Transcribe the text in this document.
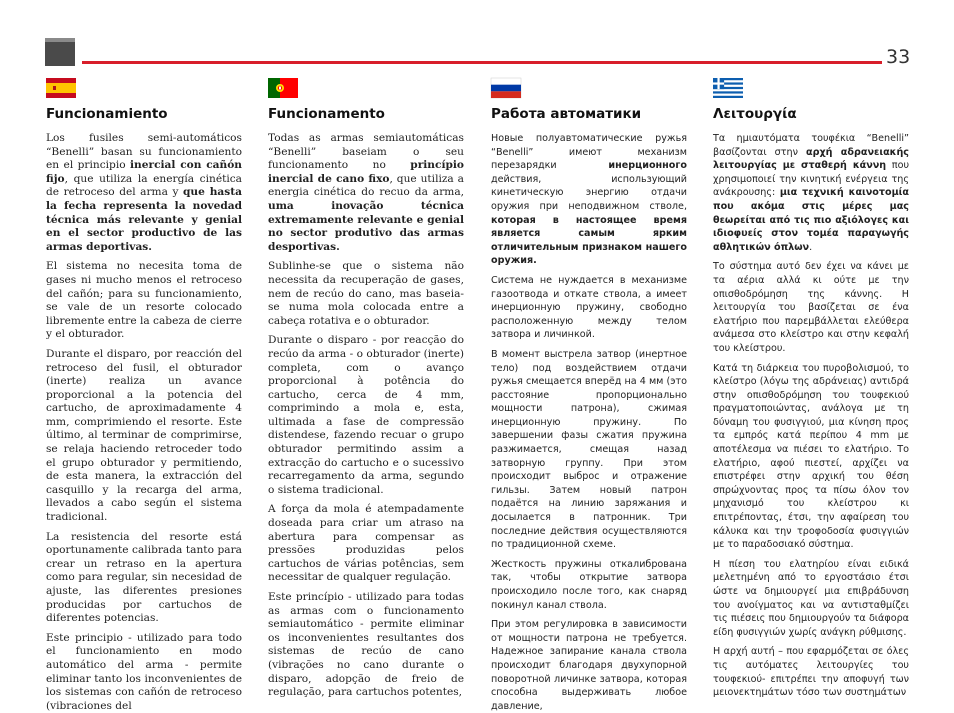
33
Funcionamiento

Los fusiles semi-automáticos “Benelli” basan su funcionamiento en el principio inercial con cañón fijo, que utiliza la energía cinética de retroceso del arma y que hasta la fecha representa la novedad técnica más relevante y genial en el sector productivo de las armas deportivas.

El sistema no necesita toma de gases ni mucho menos el retroceso del cañón; para su funcionamiento, se vale de un resorte colocado libremente entre la cabeza de cierre y el obturador.

Durante el disparo, por reacción del retroceso del fusil, el obturador (inerte) realiza un avance proporcional a la potencia del cartucho, de aproximadamente 4 mm, comprimiendo el resorte. Este último, al terminar de comprimirse, se relaja haciendo retroceder todo el grupo obturador y permitiendo, de esta manera, la extracción del casquillo y la recarga del arma, llevados a cabo según el sistema tradicional.

La resistencia del resorte está oportunamente calibrada tanto para crear un retraso en la apertura como para regular, sin necesidad de ajuste, las diferentes presiones producidas por cartuchos de diferentes potencias.

Este principio - utilizado para todo el funcionamiento en modo automático del arma - permite eliminar tanto los inconvenientes de los sistemas con cañón de retroceso (vibraciones del

Funcionamento

Todas as armas semiautomáticas “Benelli” baseiam o seu funcionamento no princípio inercial de cano fixo, que utiliza a energia cinética do recuo da arma, uma inovação técnica extremamente relevante e genial no sector produtivo das armas desportivas.

Sublinhe-se que o sistema não necessita da recuperação de gases, nem de recúo do cano, mas baseia-se numa mola colocada entre a cabeça rotativa e o obturador.

Durante o disparo - por reacção do recúo da arma - o obturador (inerte) completa, com o avanço proporcional à potência do cartucho, cerca de 4 mm, comprimindo a mola e, esta, ultimada a fase de compressão distendese, fazendo recuar o grupo obturador permitindo assim a extracção do cartucho e o sucessivo recarregamento da arma, segundo o sistema tradicional.

A força da mola é atempadamente doseada para criar um atraso na abertura para compensar as pressões produzidas pelos cartuchos de várias potências, sem necessitar de qualquer regulação.

Este princípio - utilizado para todas as armas com o funcionamento semiautomático - permite eliminar os inconvenientes resultantes dos sistemas de recúo de cano (vibrações no cano durante o disparo, adopção de freio de regulação, para cartuchos potentes,

Работа автоматики

Новые полуавтоматические ружья “Benelli” имеют механизм перезарядки инерционного действия, использующий кинетическую энергию отдачи оружия при неподвижном стволе, которая в настоящее время является самым ярким отличительным признаком нашего оружия.

Система не нуждается в механизме газоотвода и откате ствола, а имеет инерционную пружину, свободно расположенную между телом затвора и личинкой.

В момент выстрела затвор (инертное тело) под воздействием отдачи ружья смещается вперёд на 4 мм (это расстояние пропорционально мощности патрона), сжимая инерционную пружину. По завершении фазы сжатия пружина разжимается, смещая назад затворную группу. При этом происходит выброс и отражение гильзы. Затем новый патрон подаётся на линию заряжания и досылается в патронник. Три последние действия осуществляются по традиционной схеме.

Жесткость пружины откалиброванa так, чтобы открытие затвора происходило после того, как снаряд покинул канал ствола.

При этом регулировка в зависимости от мощности патрона не требуется. Надежное запирание канала ствола происходит благодаря двухупорной поворотной личинке затвора, которая способна выдерживать любое давление,

Λειτουργία

Τα ημιαυτόματα τουφέκια “Benelli” βασίζονται στην αρχή αδρανειακής λειτουργίας με σταθερή κάννη που χρησιμοποιεί την κινητική ενέργεια της ανάκρουσης: μια τεχνική καινοτομία που ακόμα στις μέρες μας θεωρείται από τις πιο αξιόλογες και ιδιοφυείς στον τομέα παραγωγής αθλητικών όπλων.

Το σύστημα αυτό δεν έχει να κάνει με τα αέρια αλλά κι ούτε με την οπισθοδρόμηση της κάννης. Η λειτουργία του βασίζεται σε ένα ελατήριο που παρεμβάλλεται ελεύθερα ανάμεσα στο κλείστρο και στην κεφαλή του κλείστρου.

Κατά τη διάρκεια του πυροβολισμού, το κλείστρο (λόγω της αδράνειας) αντιδρά στην οπισθοδρόμηση του τουφεκιού πραγματοποιώντας, ανάλογα με τη δύναμη του φυσιγγιού, μια κίνηση προς τα εμπρός κατά περίπου 4 mm με αποτέλεσμα να πιέσει το ελατήριο. Το ελατήριο, αφού πιεστεί, αρχίζει να επιστρέφει στην αρχική του θέση σπρώχνοντας προς τα πίσω όλον τον μηχανισμό του κλείστρου κι επιτρέποντας, έτσι, την αφαίρεση του κάλυκα και την τροφοδοσία φυσιγγιών με το παραδοσιακό σύστημα.

Η πίεση του ελατηρίου είναι ειδικά μελετημένη από το εργοστάσιο έτσι ώστε να δημιουργεί μια επιβράδυνση του ανοίγματος και να αντισταθμίζει τις πιέσεις που δημιουργούν τα διάφορα είδη φυσιγγιών χωρίς ανάγκη ρύθμισης.

Η αρχή αυτή – που εφαρμόζεται σε όλες τις αυτόματες λειτουργίες του τουφεκιού- επιτρέπει την αποφυγή των μειονεκτημάτων τόσο των συστημάτων
